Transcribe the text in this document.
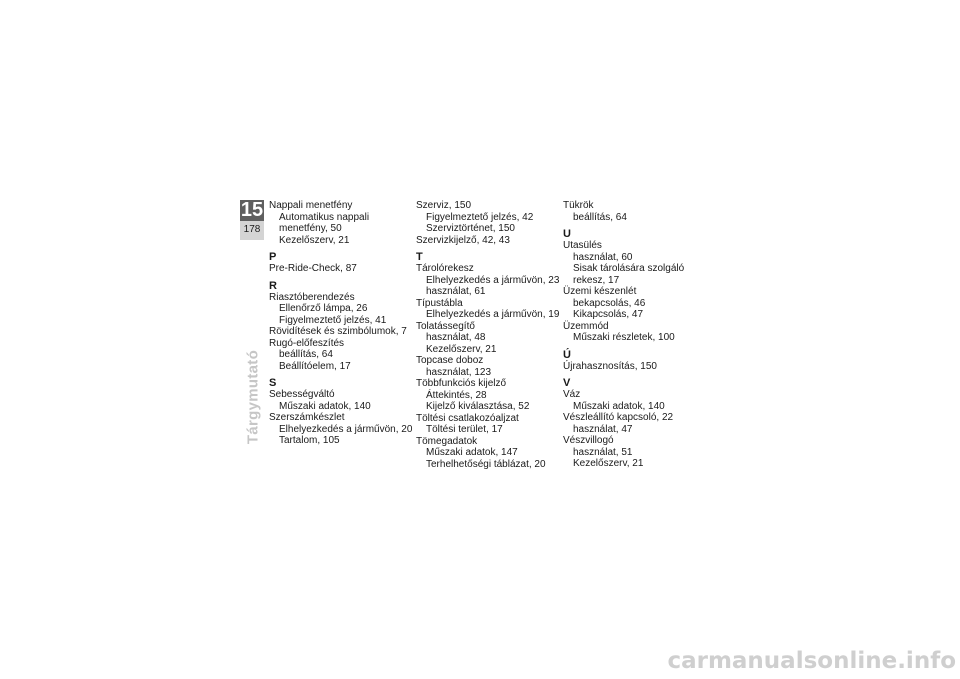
15
178
Tárgymutató
Nappali menetfény
Automatikus nappali
menetfény, 50
Kezelőszerv, 21
P
Pre-Ride-Check, 87
R
Riasztóberendezés
Ellenőrző lámpa, 26
Figyelmeztető jelzés, 41
Rövidítések és szimbólumok, 7
Rugó-előfeszítés
beállítás, 64
Beállítóelem, 17
S
Sebességváltó
Műszaki adatok, 140
Szerszámkészlet
Elhelyezkedés a járművön, 20
Tartalom, 105
Szerviz, 150
Figyelmeztető jelzés, 42
Szerviztörténet, 150
Szervizkijelző, 42, 43
T
Tárolórekesz
Elhelyezkedés a járművön, 23
használat, 61
Típustábla
Elhelyezkedés a járművön, 19
Tolatássegítő
használat, 48
Kezelőszerv, 21
Topcase doboz
használat, 123
Többfunkciós kijelző
Áttekintés, 28
Kijelző kiválasztása, 52
Töltési csatlakozóaljzat
Töltési terület, 17
Tömegadatok
Műszaki adatok, 147
Terhelhetőségi táblázat, 20
Tükrök
beállítás, 64
U
Utasülés
használat, 60
Sisak tárolására szolgáló
rekesz, 17
Üzemi készenlét
bekapcsolás, 46
Kikapcsolás, 47
Üzemmód
Műszaki részletek, 100
Ú
Újrahasznosítás, 150
V
Váz
Műszaki adatok, 140
Vészleállító kapcsoló, 22
használat, 47
Vészvillogó
használat, 51
Kezelőszerv, 21
carmanualsonline.info
